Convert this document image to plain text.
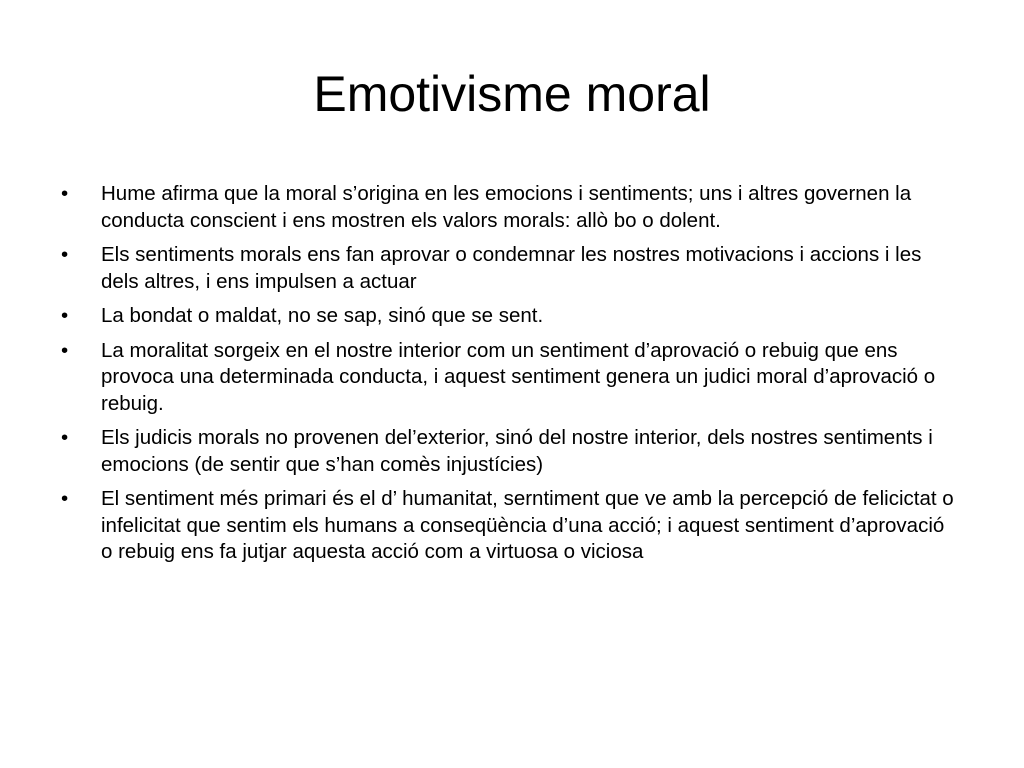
Emotivisme moral
•	Hume afirma que la moral s’origina en les emocions i sentiments; uns i altres governen la conducta conscient i ens mostren els valors morals: allò bo o dolent.
•	Els sentiments morals ens fan aprovar o condemnar les nostres motivacions i accions i les dels altres, i ens impulsen a actuar
•	La bondat o maldat, no se sap, sinó que se sent.
•	La moralitat sorgeix en el nostre interior com un sentiment d’aprovació o rebuig que ens provoca una determinada conducta, i aquest sentiment genera un judici moral d’aprovació o rebuig.
•	Els judicis morals no provenen del’exterior, sinó del nostre interior, dels nostres sentiments i emocions (de sentir que s’han comès injustícies)
•	El sentiment més primari és el d’ humanitat, serntiment que ve amb la percepció de felicictat o infelicitat que sentim els humans a conseqüència d’una acció; i aquest sentiment d’aprovació o rebuig ens fa jutjar aquesta acció com a virtuosa o viciosa
